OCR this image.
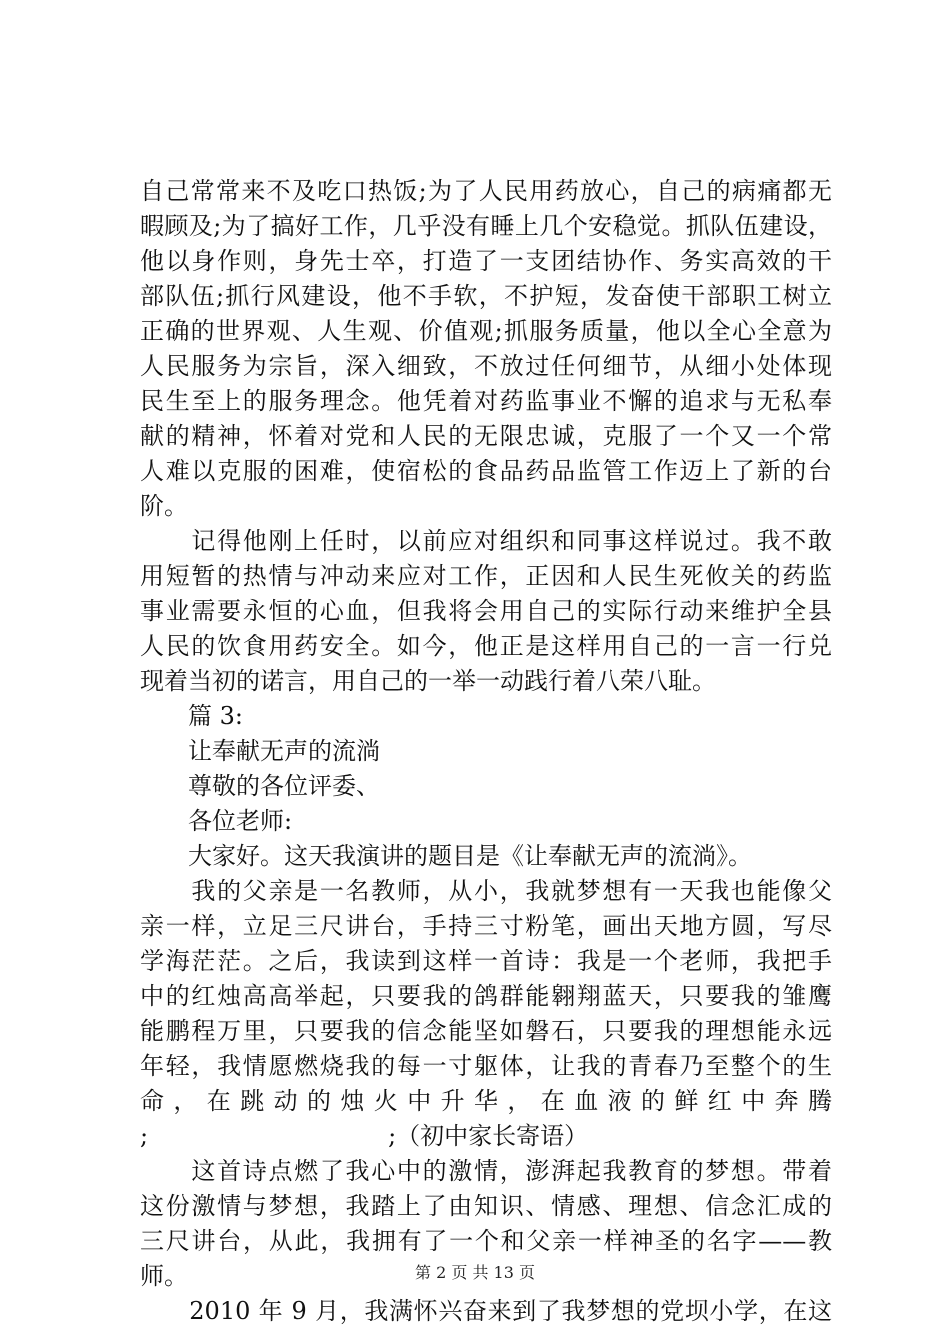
自己常常来不及吃口热饭;为了人民用药放心，自己的病痛都无
暇顾及;为了搞好工作，几乎没有睡上几个安稳觉。抓队伍建设，
他以身作则，身先士卒，打造了一支团结协作、务实高效的干
部队伍;抓行风建设，他不手软，不护短，发奋使干部职工树立
正确的世界观、人生观、价值观;抓服务质量，他以全心全意为
人民服务为宗旨，深入细致，不放过任何细节，从细小处体现
民生至上的服务理念。他凭着对药监事业不懈的追求与无私奉
献的精神，怀着对党和人民的无限忠诚，克服了一个又一个常
人难以克服的困难，使宿松的食品药品监管工作迈上了新的台
阶。
　　记得他刚上任时，以前应对组织和同事这样说过。我不敢
用短暂的热情与冲动来应对工作，正因和人民生死攸关的药监
事业需要永恒的心血，但我将会用自己的实际行动来维护全县
人民的饮食用药安全。如今，他正是这样用自己的一言一行兑
现着当初的诺言，用自己的一举一动践行着八荣八耻。
　　篇 3:
　　让奉献无声的流淌
　　尊敬的各位评委、
　　各位老师:
　　大家好。这天我演讲的题目是《让奉献无声的流淌》。
　　我的父亲是一名教师，从小，我就梦想有一天我也能像父
亲一样，立足三尺讲台，手持三寸粉笔，画出天地方圆，写尽
学海茫茫。之后，我读到这样一首诗：我是一个老师，我把手
中的红烛高高举起，只要我的鸽群能翱翔蓝天，只要我的雏鹰
能鹏程万里，只要我的信念能坚如磐石，只要我的理想能永远
年轻，我情愿燃烧我的每一寸躯体，让我的青春乃至整个的生
命 ， 在 跳 动 的 烛 火 中 升 华 ， 在 血 液 的 鲜 红 中 奔 腾
;　　　　　　　　　　;（初中家长寄语）
　　这首诗点燃了我心中的激情，澎湃起我教育的梦想。带着
这份激情与梦想，我踏上了由知识、情感、理想、信念汇成的
三尺讲台，从此，我拥有了一个和父亲一样神圣的名字——教
师。
　　2010 年 9 月，我满怀兴奋来到了我梦想的党坝小学，在这
第 2 页 共 13 页
